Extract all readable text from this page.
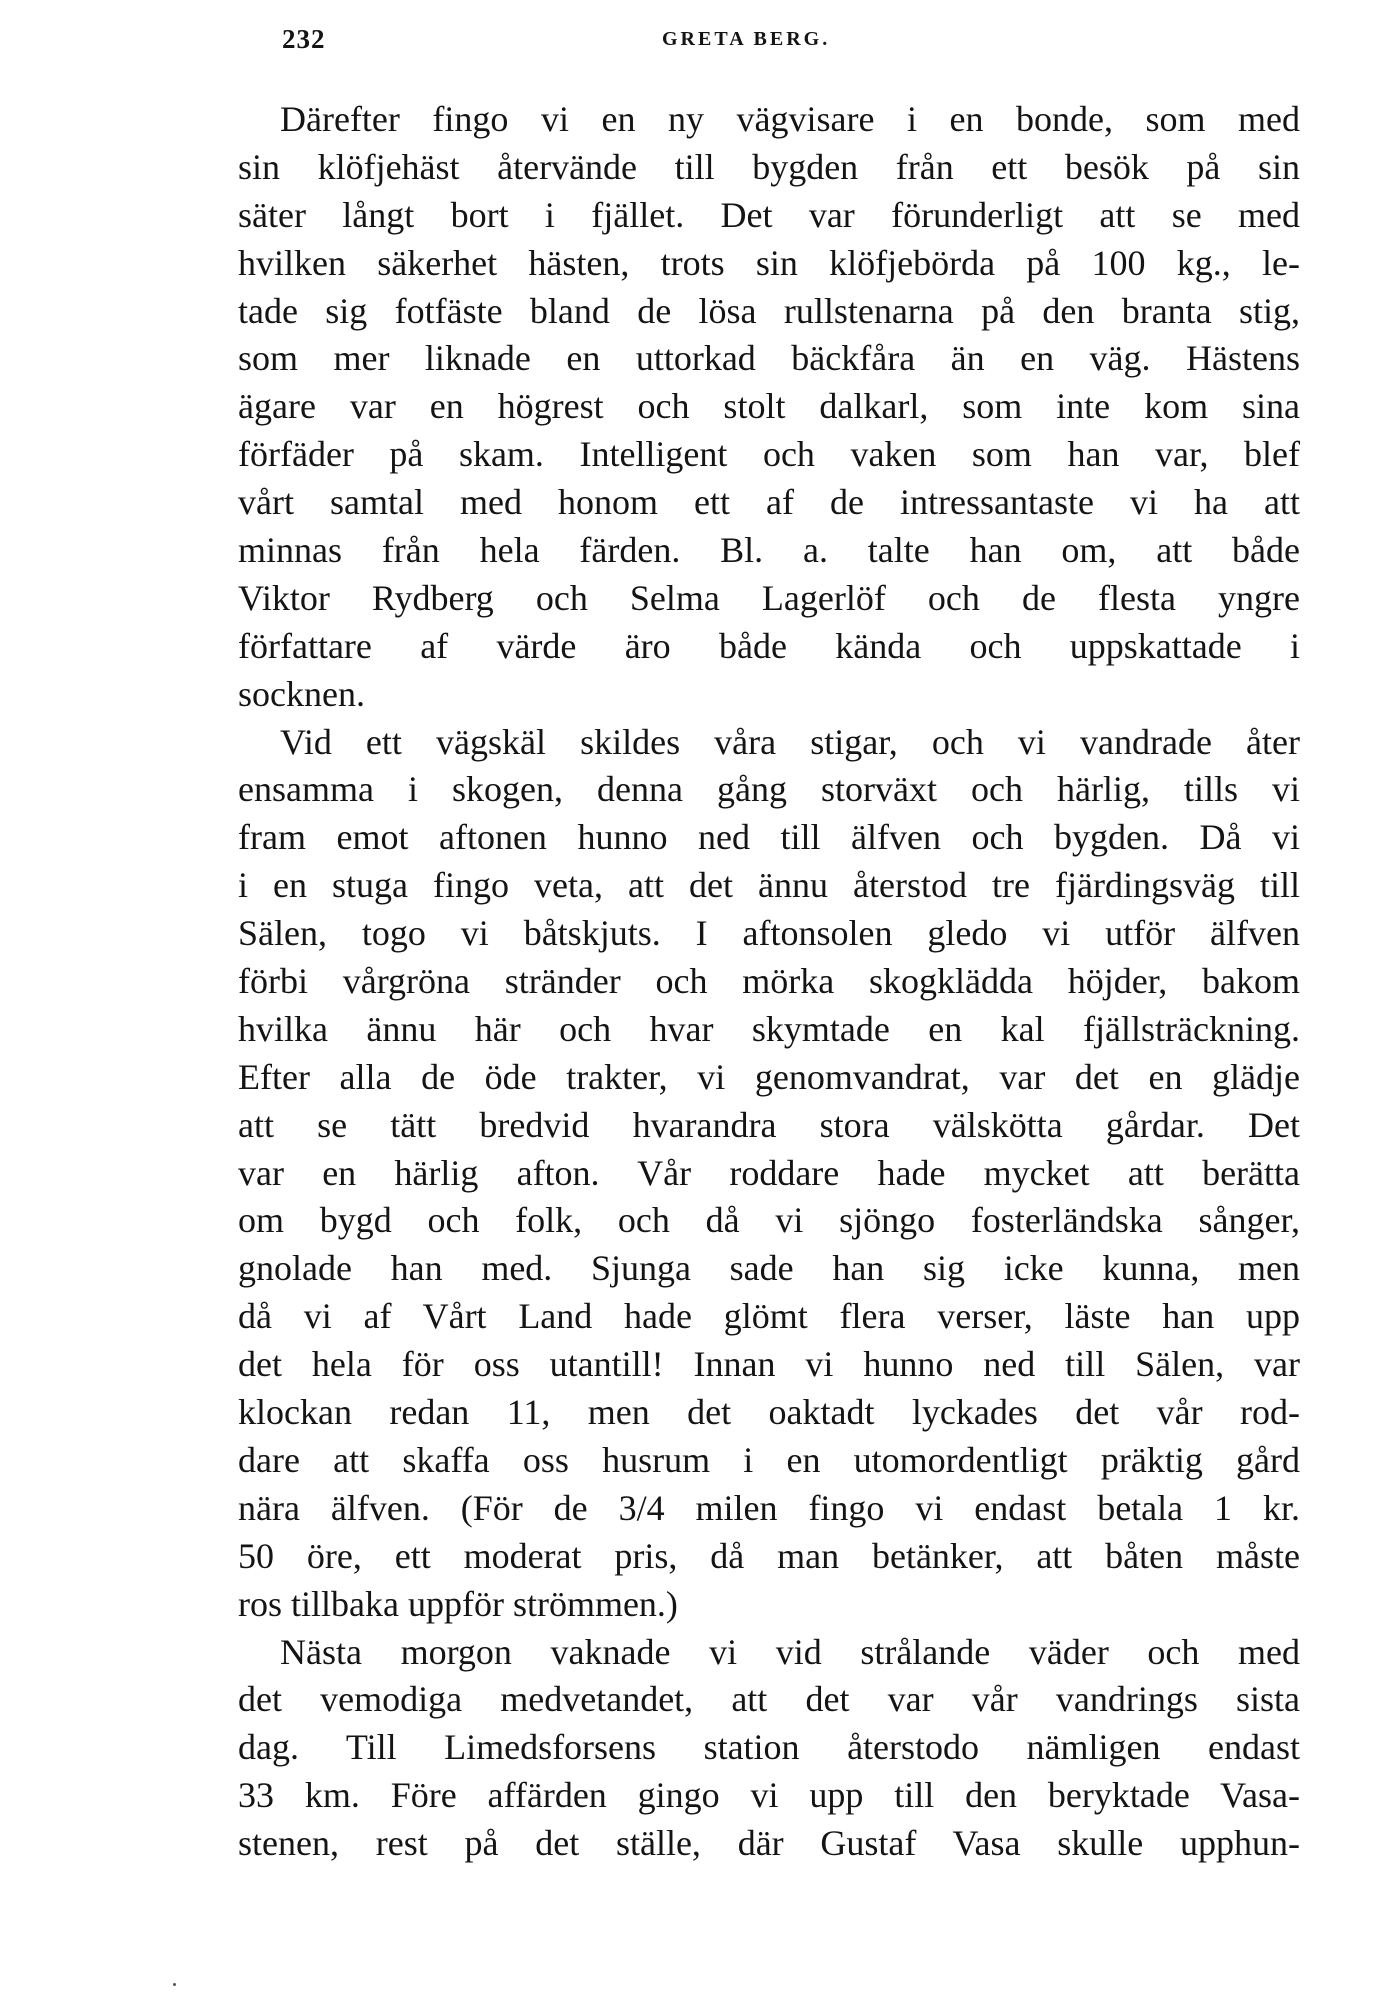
232	GRETA BERG.
Därefter fingo vi en ny vägvisare i en bonde, som med
sin klöfjehäst återvände till bygden från ett besök på sin
säter långt bort i fjället. Det var förunderligt att se med
hvilken säkerhet hästen, trots sin klöfjebörda på 100 kg., le-
tade sig fotfäste bland de lösa rullstenarna på den branta stig,
som mer liknade en uttorkad bäckfåra än en väg. Hästens
ägare var en högrest och stolt dalkarl, som inte kom sina
förfäder på skam. Intelligent och vaken som han var, blef
vårt samtal med honom ett af de intressantaste vi ha att
minnas från hela färden. Bl. a. talte han om, att både
Viktor Rydberg och Selma Lagerlöf och de flesta yngre
författare af värde äro både kända och uppskattade i
socknen.
Vid ett vägskäl skildes våra stigar, och vi vandrade åter
ensamma i skogen, denna gång storväxt och härlig, tills vi
fram emot aftonen hunno ned till älfven och bygden. Då vi
i en stuga fingo veta, att det ännu återstod tre fjärdingsväg till
Sälen, togo vi båtskjuts. I aftonsolen gledo vi utför älfven
förbi vårgröna stränder och mörka skogklädda höjder, bakom
hvilka ännu här och hvar skymtade en kal fjällsträckning.
Efter alla de öde trakter, vi genomvandrat, var det en glädje
att se tätt bredvid hvarandra stora välskötta gårdar. Det
var en härlig afton. Vår roddare hade mycket att berätta
om bygd och folk, och då vi sjöngo fosterländska sånger,
gnolade han med. Sjunga sade han sig icke kunna, men
då vi af Vårt Land hade glömt flera verser, läste han upp
det hela för oss utantill! Innan vi hunno ned till Sälen, var
klockan redan 11, men det oaktadt lyckades det vår rod-
dare att skaffa oss husrum i en utomordentligt präktig gård
nära älfven. (För de 3/4 milen fingo vi endast betala 1 kr.
50 öre, ett moderat pris, då man betänker, att båten måste
ros tillbaka uppför strömmen.)
Nästa morgon vaknade vi vid strålande väder och med
det vemodiga medvetandet, att det var vår vandrings sista
dag. Till Limedsforsens station återstodo nämligen endast
33 km. Före affärden gingo vi upp till den beryktade Vasa-
stenen, rest på det ställe, där Gustaf Vasa skulle upphun-
